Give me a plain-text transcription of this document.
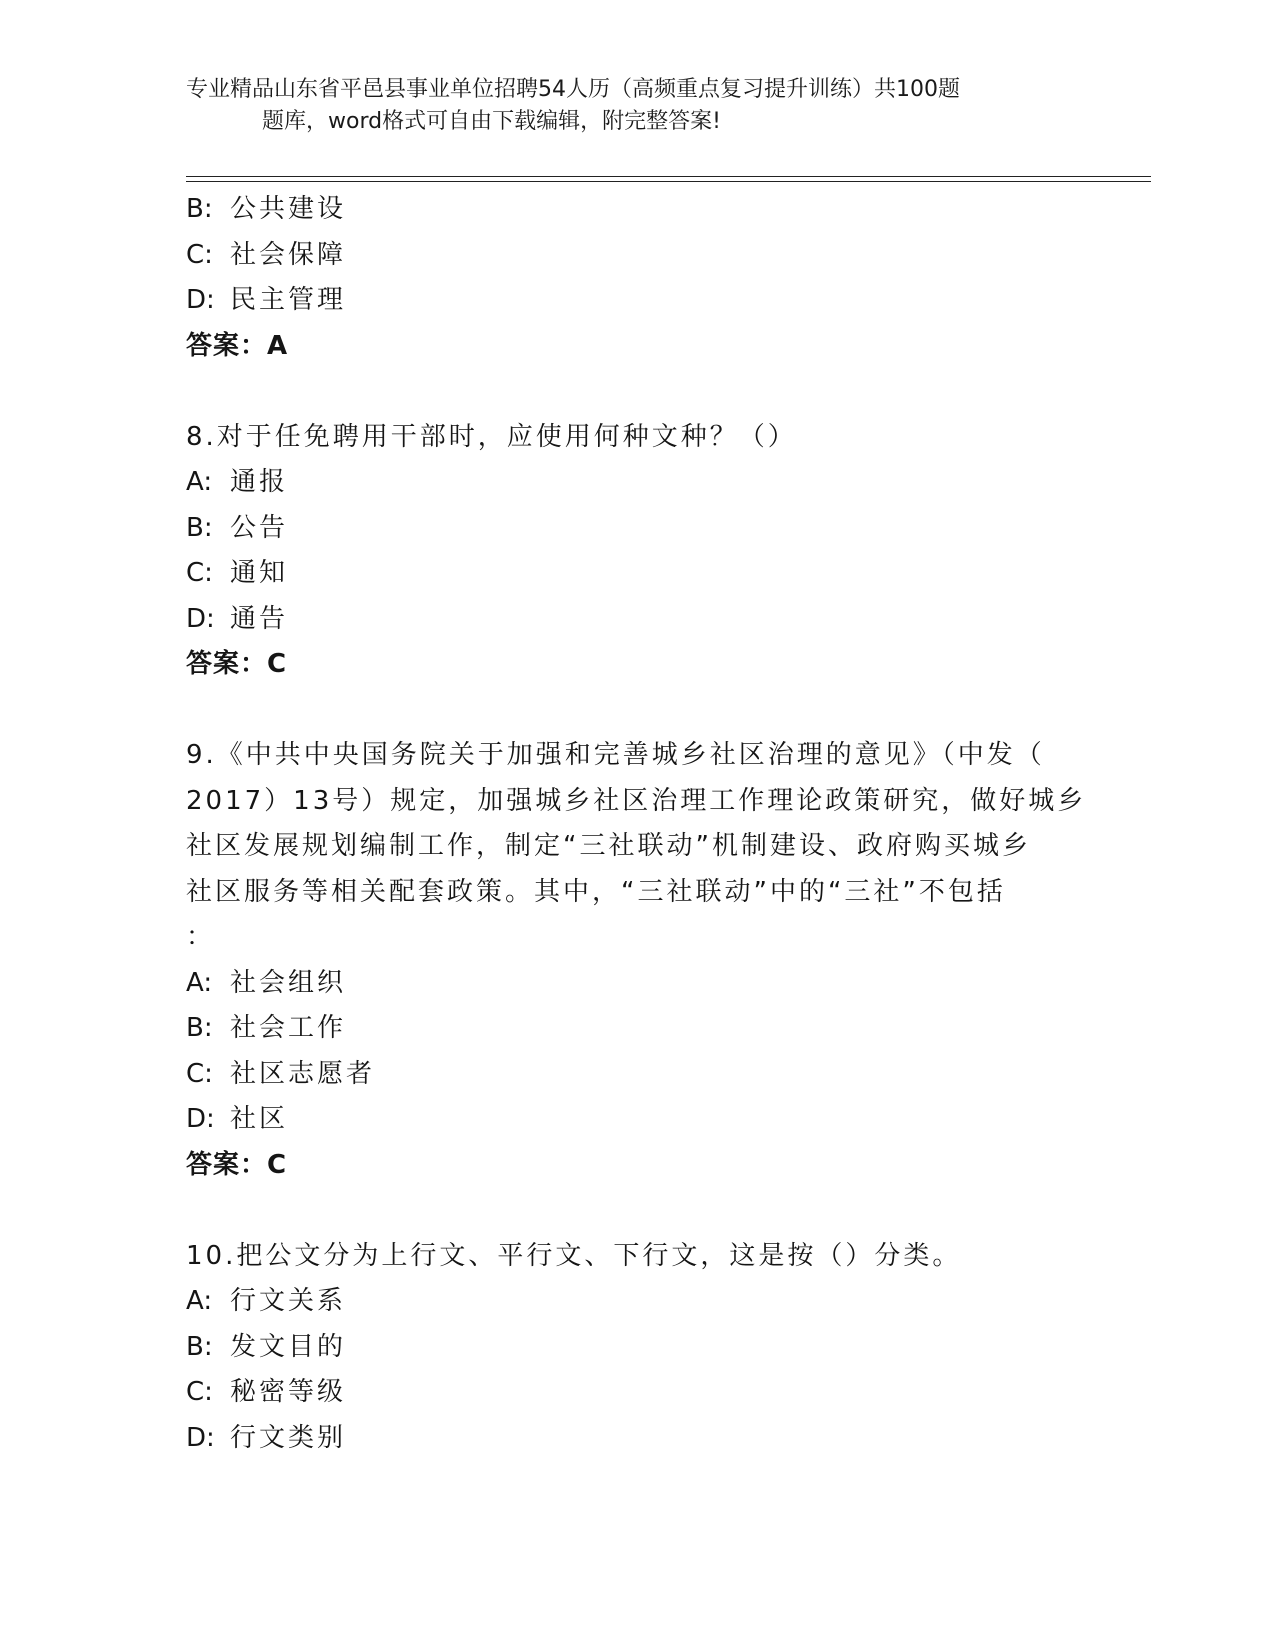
专业精品山东省平邑县事业单位招聘54人历（高频重点复习提升训练）共100题
题库，word格式可自由下载编辑，附完整答案!
B: 公共建设
C: 社会保障
D: 民主管理
答案：A
8.对于任免聘用干部时，应使用何种文种？（）
A: 通报
B: 公告
C: 通知
D: 通告
答案：C
9.《中共中央国务院关于加强和完善城乡社区治理的意见》（中发（
2017）13号）规定，加强城乡社区治理工作理论政策研究，做好城乡
社区发展规划编制工作，制定“三社联动”机制建设、政府购买城乡
社区服务等相关配套政策。其中，“三社联动”中的“三社”不包括
：
A: 社会组织
B: 社会工作
C: 社区志愿者
D: 社区
答案：C
10.把公文分为上行文、平行文、下行文，这是按（）分类。
A: 行文关系
B: 发文目的
C: 秘密等级
D: 行文类别
